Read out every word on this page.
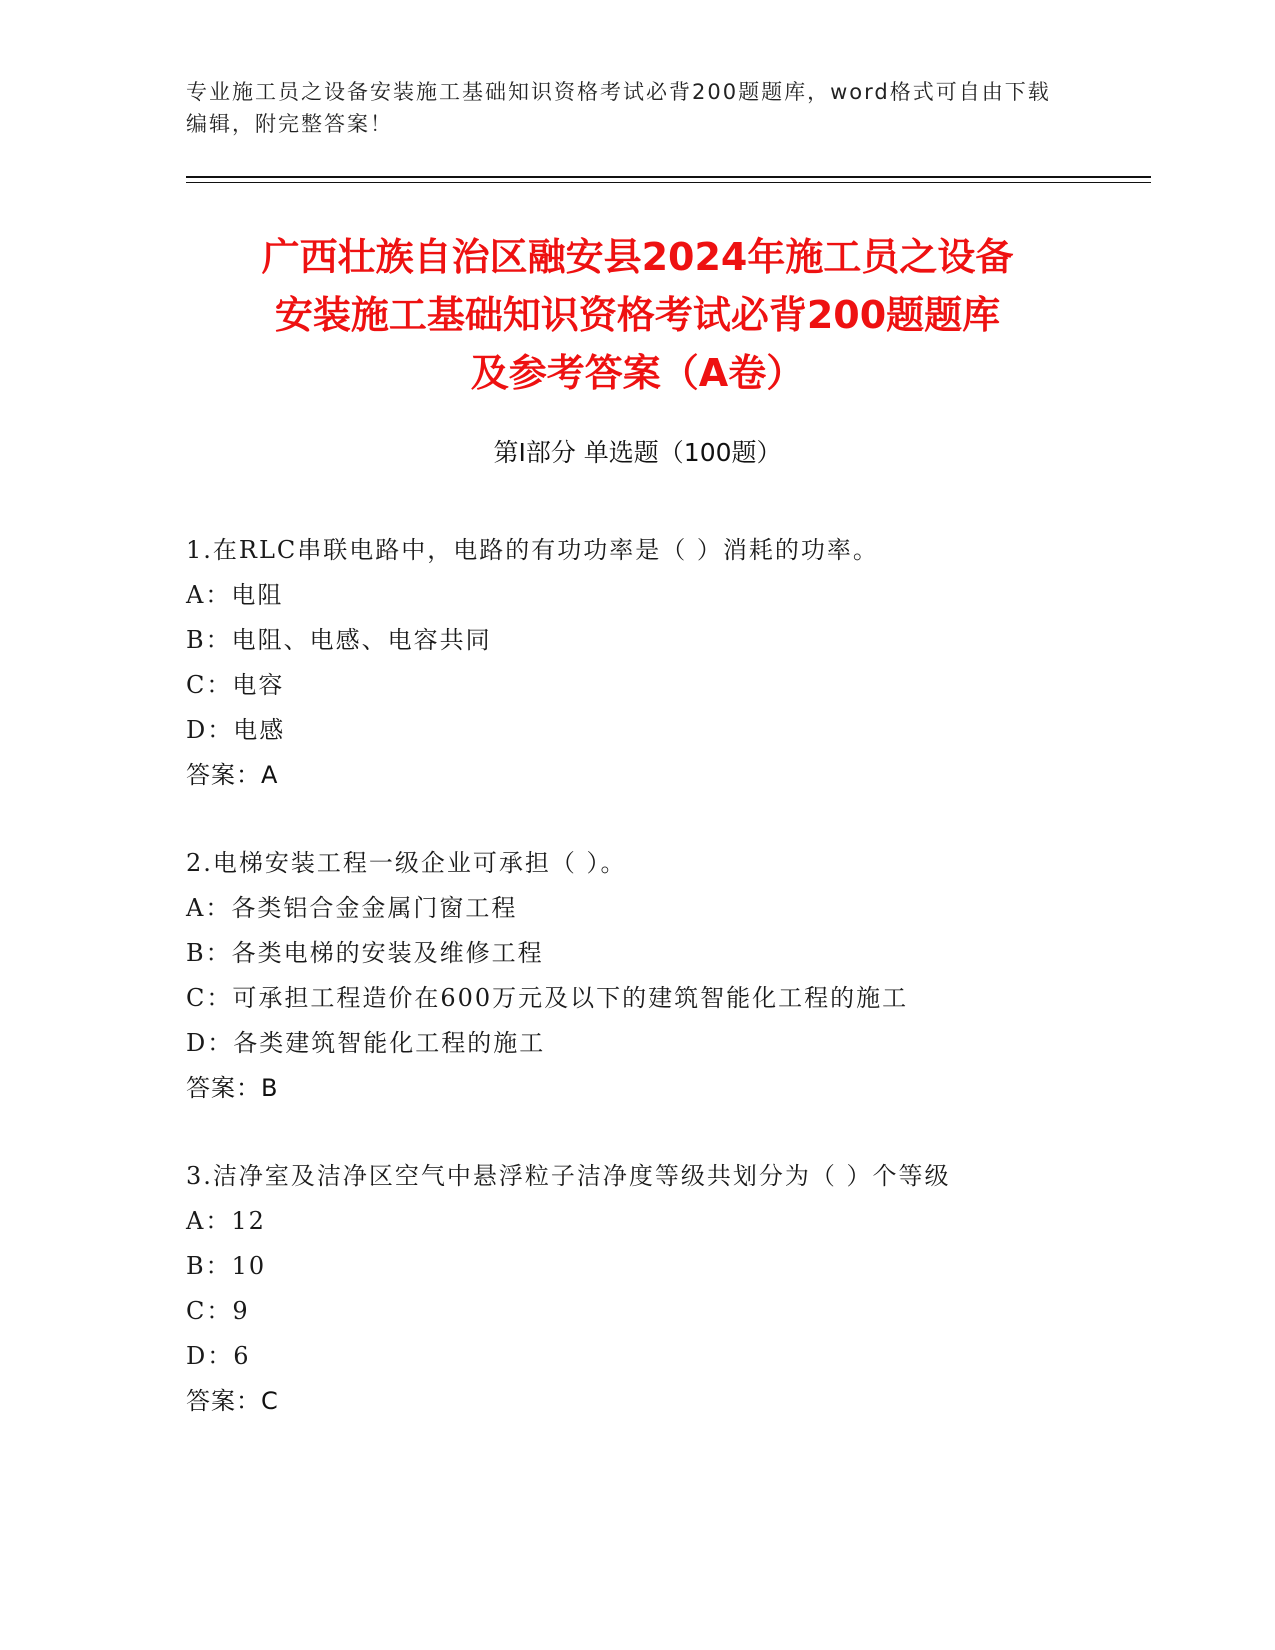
专业施工员之设备安装施工基础知识资格考试必背200题题库，word格式可自由下载编辑，附完整答案！
广西壮族自治区融安县2024年施工员之设备
安装施工基础知识资格考试必背200题题库
及参考答案（A卷）
第Ⅰ部分 单选题（100题）
1.在RLC串联电路中，电路的有功功率是（ ）消耗的功率。
A：电阻
B：电阻、电感、电容共同
C：电容
D：电感
答案：A
2.电梯安装工程一级企业可承担（ ）。
A：各类铝合金金属门窗工程
B：各类电梯的安装及维修工程
C：可承担工程造价在600万元及以下的建筑智能化工程的施工
D：各类建筑智能化工程的施工
答案：B
3.洁净室及洁净区空气中悬浮粒子洁净度等级共划分为（ ）个等级
A：12
B：10
C：9
D：6
答案：C
